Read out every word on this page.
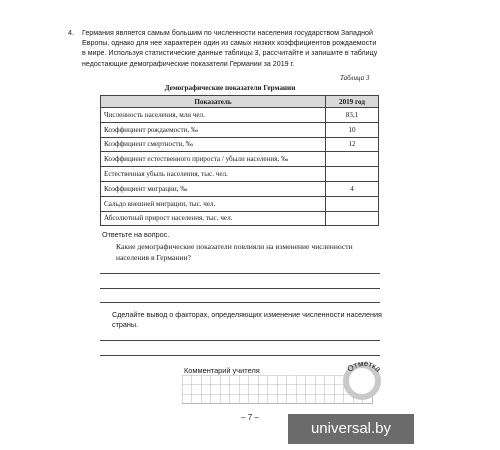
4. Германия является самым большим по численности населения государством Западной Европы, однако для нее характерен один из самых низких коэффициентов рождаемости в мире. Используя статистические данные таблицы 3, рассчитайте и запишите в таблицу недостающие демографические показатели Германии за 2019 г.
Таблица 3
Демографические показатели Германии
Показатель	2019 год
Численность населения, млн чел.	83,1
Коэффициент рождаемости, ‰	10
Коэффициент смертности, ‰	12
Коэффициент естественного прироста / убыли населения, ‰	
Естественная убыль населения, тыс. чел.	
Коэффициент миграции, ‰	4
Сальдо внешней миграции, тыс. чел.	
Абсолютный прирост населения, тыс. чел.	
Ответьте на вопрос.
Какие демографические показатели повлияли на изменение численности населения в Германии?
Сделайте вывод о факторах, определяющих изменение численности населения страны.
Комментарий учителя	Отметка
– 7 –
universal.by
